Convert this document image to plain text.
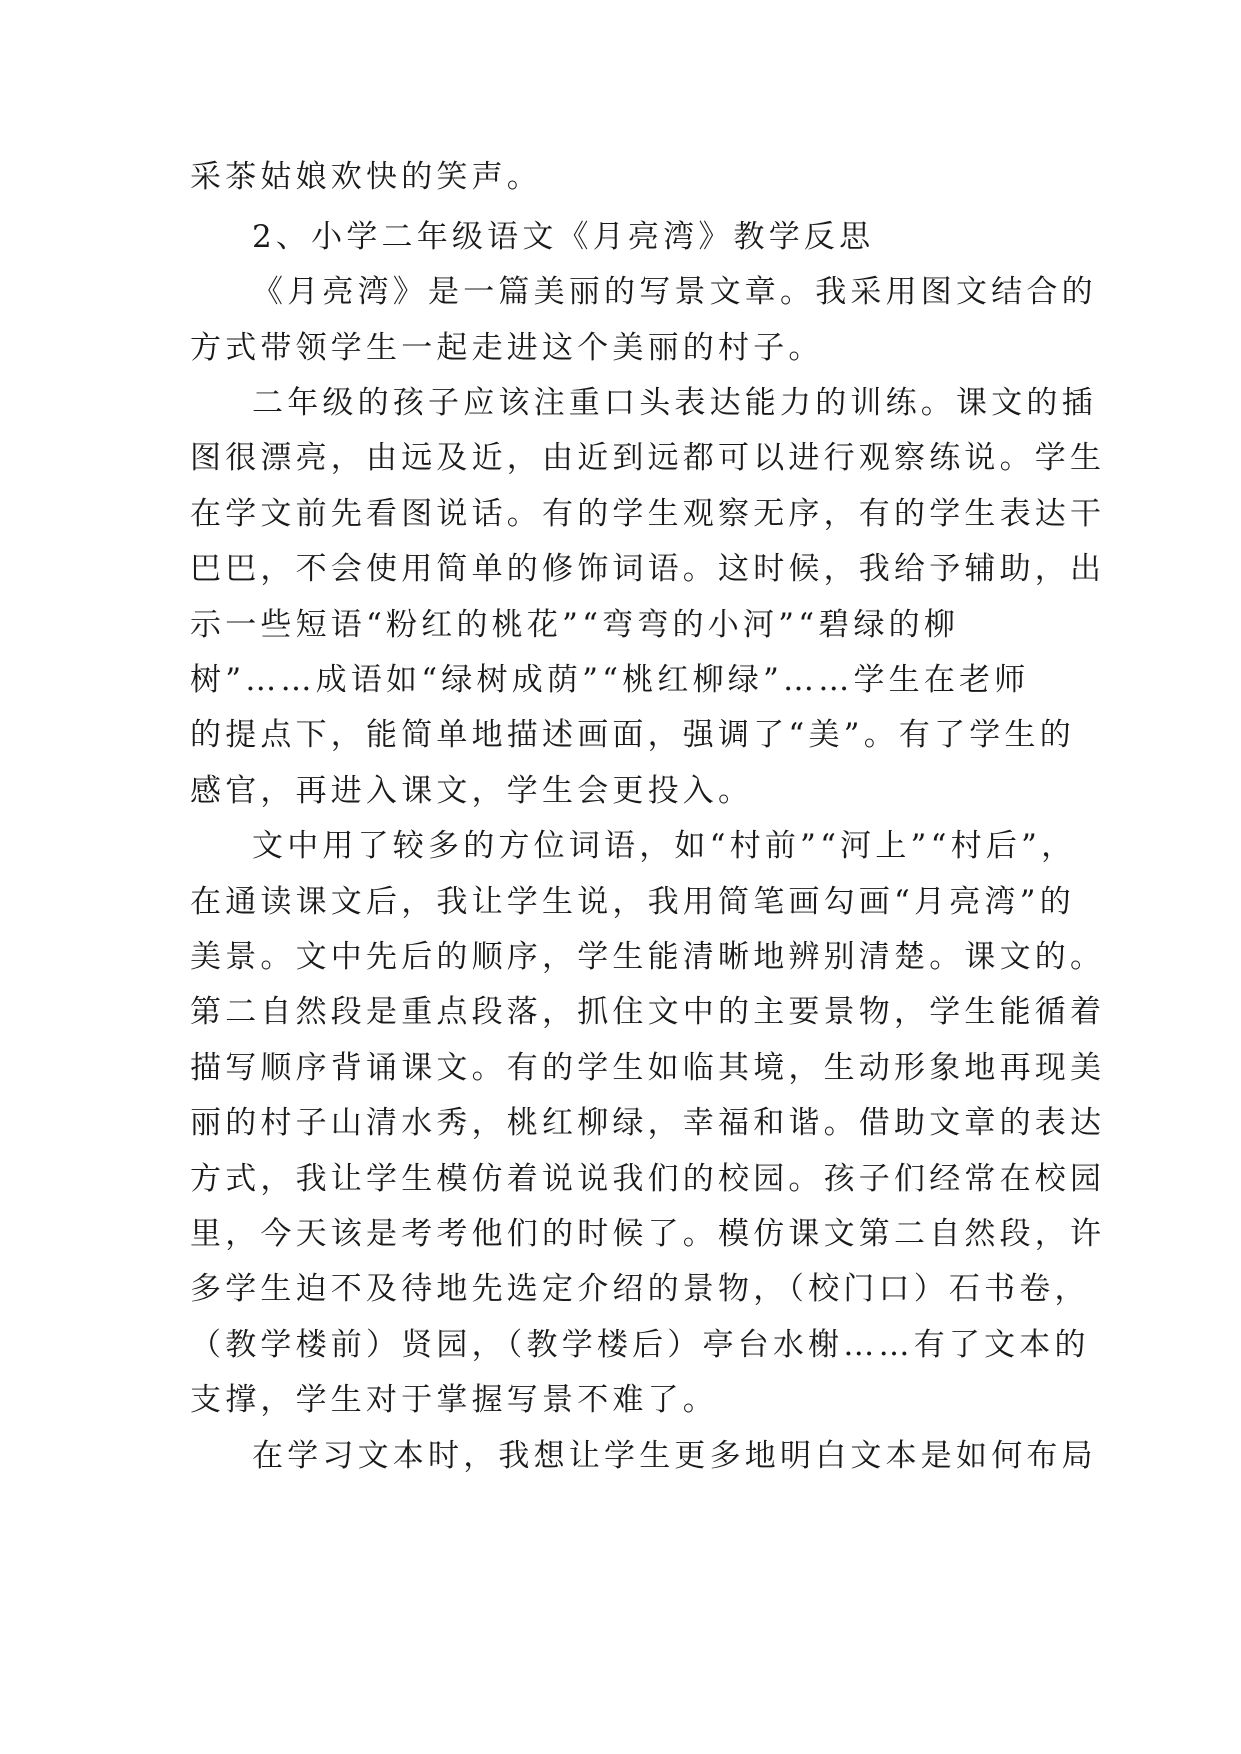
采茶姑娘欢快的笑声。
2、小学二年级语文《月亮湾》教学反思
《月亮湾》是一篇美丽的写景文章。我采用图文结合的
方式带领学生一起走进这个美丽的村子。
二年级的孩子应该注重口头表达能力的训练。课文的插
图很漂亮，由远及近，由近到远都可以进行观察练说。学生
在学文前先看图说话。有的学生观察无序，有的学生表达干
巴巴，不会使用简单的修饰词语。这时候，我给予辅助，出
示一些短语“粉红的桃花”“弯弯的小河”“碧绿的柳
树”……成语如“绿树成荫”“桃红柳绿”……学生在老师
的提点下，能简单地描述画面，强调了“美”。有了学生的
感官，再进入课文，学生会更投入。
文中用了较多的方位词语，如“村前”“河上”“村后”，
在通读课文后，我让学生说，我用简笔画勾画“月亮湾”的
美景。文中先后的顺序，学生能清晰地辨别清楚。课文的。
第二自然段是重点段落，抓住文中的主要景物，学生能循着
描写顺序背诵课文。有的学生如临其境，生动形象地再现美
丽的村子山清水秀，桃红柳绿，幸福和谐。借助文章的表达
方式，我让学生模仿着说说我们的校园。孩子们经常在校园
里，今天该是考考他们的时候了。模仿课文第二自然段，许
多学生迫不及待地先选定介绍的景物，（校门口）石书卷，
（教学楼前）贤园，（教学楼后）亭台水榭……有了文本的
支撑，学生对于掌握写景不难了。
在学习文本时，我想让学生更多地明白文本是如何布局
